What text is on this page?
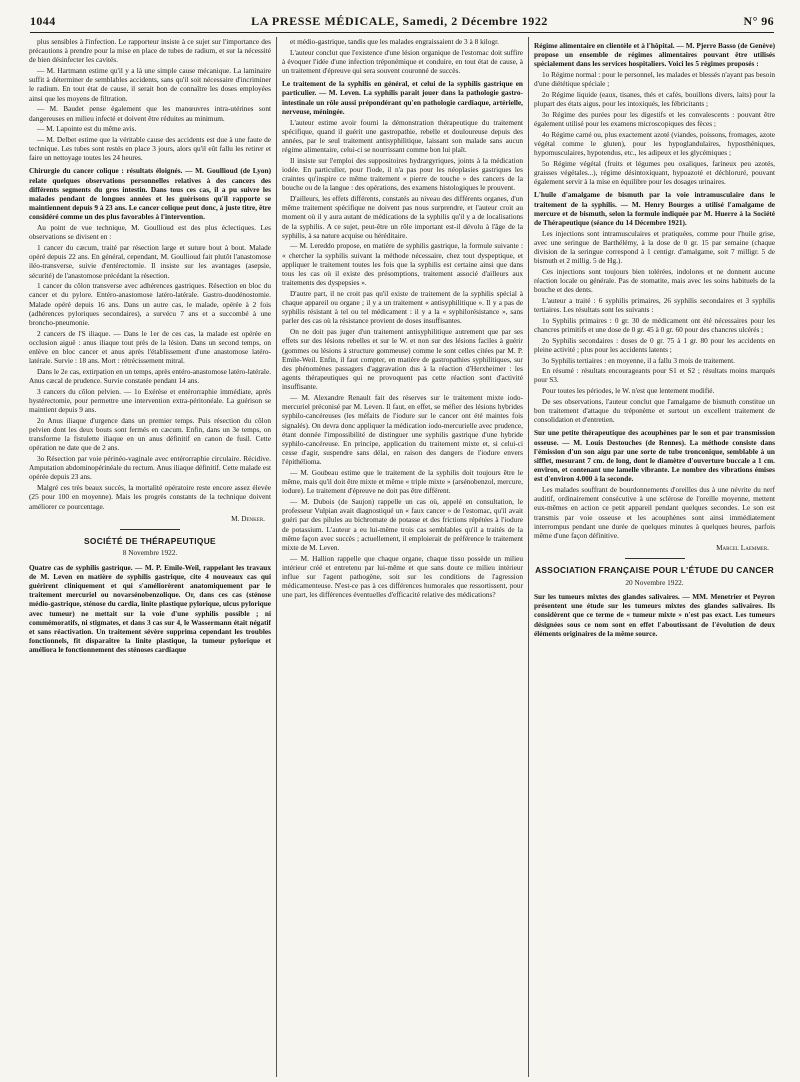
1044	LA PRESSE MÉDICALE, Samedi, 2 Décembre 1922	N° 96

plus sensibles à l'infection. Le rapporteur insiste à ce sujet sur l'importance des précautions à prendre pour la mise en place de tubes de radium, et sur la nécessité de bien désinfecter les cavités.

— M. Hartmann estime qu'il y a là une simple cause mécanique. La laminaire suffit à déterminer de semblables accidents, sans qu'il soit nécessaire d'incriminer le radium. En tout état de cause, il serait bon de connaître les doses employées ainsi que les moyens de filtration.

— M. Baudet pense également que les manœuvres intra-utérines sont dangereuses en milieu infecté et doivent être réduites au minimum.

— M. Lapointe est du même avis.

— M. Delbet estime que la véritable cause des accidents est due à une faute de technique. Les tubes sont restés en place 3 jours, alors qu'il eût fallu les retirer et faire un nettoyage toutes les 24 heures.

Chirurgie du cancer colique : résultats éloignés. — M. Goullioud (de Lyon) relate quelques observations personnelles relatives à des cancers des différents segments du gros intestin. Dans tous ces cas, il a pu suivre les malades pendant de longues années et les guérisons qu'il rapporte se maintiennent depuis 9 à 23 ans. Le cancer colique peut donc, à juste titre, être considéré comme un des plus favorables à l'intervention.

Au point de vue technique, M. Goullioud est des plus éclectiques. Les observations se divisent en :

1 cancer du cæcum, traité par résection large et suture bout à bout. Malade opéré depuis 22 ans. En général, cependant, M. Goullioud fait plutôt l'anastomose iléo-transverse, suivie d'entérectomie. Il insiste sur les avantages (asepsie, sécurité) de l'anastomose précédant la résection.

1 cancer du côlon transverse avec adhérences gastriques. Résection en bloc du cancer et du pylore. Entéro-anastomose latéro-latérale. Gastro-duodénostomie. Malade opéré depuis 16 ans. Dans un autre cas, le malade, opérée à 2 fois (adhérences pyloriques secondaires), a survécu 7 ans et a succombé à une broncho-pneumonie.

2 cancers de l'S iliaque. — Dans le 1er de ces cas, la malade est opérée en occlusion aiguë : anus iliaque tout près de la lésion. Dans un second temps, on enlève en bloc cancer et anus après l'établissement d'une anastomose latéro-latérale. Survie : 18 ans. Mort : rétrécissement mitral.

Dans le 2e cas, extirpation en un temps, après entéro-anastomose latéro-latérale. Anus cæcal de prudence. Survie constatée pendant 14 ans.

3 cancers du côlon pelvien. — 1o Exérèse et entérorraphie immédiate, après hystérectomie, pour permettre une intervention extra-péritonéale. La guérison se maintient depuis 9 ans.

2o Anus iliaque d'urgence dans un premier temps. Puis résection du côlon pelvien dont les deux bouts sont fermés en cæcum. Enfin, dans un 3e temps, on transforme la fistulette iliaque en un anus définitif en canon de fusil. Cette opération ne date que de 2 ans.

3o Résection par voie périnéo-vaginale avec entérorraphie circulaire. Récidive. Amputation abdominopérinéale du rectum. Anus iliaque définitif. Cette malade est opérée depuis 23 ans.

Malgré ces très beaux succès, la mortalité opératoire reste encore assez élevée (25 pour 100 en moyenne). Mais les progrès constants de la technique doivent améliorer ce pourcentage.

M. Denker.

SOCIÉTÉ DE THÉRAPEUTIQUE

8 Novembre 1922.

Quatre cas de syphilis gastrique. — M. P. Emile-Weil, rappelant les travaux de M. Leven en matière de syphilis gastrique, cite 4 nouveaux cas qui guérirent cliniquement et qui s'améliorèrent anatomiquement par le traitement mercuriel ou novarsénobenzolique. Or, dans ces cas (sténose médio-gastrique, sténose du cardia, linite plastique pylorique, ulcus pylorique avec tumeur) ne mettait sur la voie d'une syphilis possible ; ni commémoratifs, ni stigmates, et dans 3 cas sur 4, le Wassermann était négatif et sans réactivation. Un traitement sévère supprima cependant les troubles fonctionnels, fit disparaître la linite plastique, la tumeur pylorique et améliora le fonctionnement des sténoses cardiaque

et médio-gastrique, tandis que les malades engraissaient de 3 à 8 kilogr.

L'auteur conclut que l'existence d'une lésion organique de l'estomac doit suffire à évoquer l'idée d'une infection tréponémique et conduire, en tout état de cause, à un traitement d'épreuve qui sera souvent couronné de succès.

Le traitement de la syphilis en général, et celui de la syphilis gastrique en particulier. — M. Leven. La syphilis paraît jouer dans la pathologie gastro-intestinale un rôle aussi prépondérant qu'en pathologie cardiaque, artérielle, nerveuse, méningée.

L'auteur estime avoir fourni la démonstration thérapeutique du traitement spécifique, quand il guérit une gastropathie, rebelle et douloureuse depuis des années, par le seul traitement antisyphilitique, laissant son malade sans aucun régime alimentaire, celui-ci se nourrissant comme bon lui plaît.

Il insiste sur l'emploi des suppositoires hydrargyriques, joints à la médication iodée. En particulier, pour l'iode, il n'a pas pour les néoplasies gastriques les craintes qu'inspire ce même traitement « pierre de touche » des cancers de la bouche ou de la langue : des opérations, des examens histologiques le prouvent.

D'ailleurs, les effets différents, constatés au niveau des différents organes, d'un même traitement spécifique ne doivent pas nous surprendre, et l'auteur croit au moment où il y aura autant de médications de la syphilis qu'il y a de localisations de la syphilis. A ce sujet, peut-être un rôle important est-il dévolu à l'âge de la syphilis, à sa nature acquise ou héréditaire.

— M. Lereddo propose, en matière de syphilis gastrique, la formule suivante : « chercher la syphilis suivant la méthode nécessaire, chez tout dyspeptique, et appliquer le traitement toutes les fois que la syphilis est certaine ainsi que dans tous les cas où il existe des présomptions, traitement associé d'ailleurs aux traitements des dyspepsies ».

D'autre part, il ne croit pas qu'il existe de traitement de la syphilis spécial à chaque appareil ou organe ; il y a un traitement « antisyphilitique ». Il y a pas de syphilis résistant à tel ou tel médicament : il y a la « syphilorésistance », sans parler des cas où la résistance provient de doses insuffisantes.

On ne doit pas juger d'un traitement antisyphilitique autrement que par ses effets sur des lésions rebelles et sur le W. et non sur des lésions faciles à guérir (gommes ou lésions à structure gommeuse) comme le sont celles citées par M. P. Emile-Weil. Enfin, il faut compter, en matière de gastropathies syphilitiques, sur des phénomènes passagers d'aggravation dus à la réaction d'Herxheimer : les agents thérapeutiques qui ne provoquent pas cette réaction sont d'activité insuffisante.

— M. Alexandre Renault fait des réserves sur le traitement mixte iodo-mercuriel préconisé par M. Leven. Il faut, en effet, se méfier des lésions hybrides syphilo-cancéreuses (les méfaits de l'iodure sur le cancer ont été maintes fois signalés). On devra donc appliquer la médication iodo-mercurielle avec prudence, étant donnée l'impossibilité de distinguer une syphilis gastrique d'une hybride syphilo-cancéreuse. En principe, application du traitement mixte et, si celui-ci cesse d'agir, suspendre sans délai, en raison des dangers de l'iodure envers l'épithélioma.

— M. Goubeau estime que le traitement de la syphilis doit toujours être le même, mais qu'il doit être mixte et même « triple mixte » (arsénobenzol, mercure, iodure). Le traitement d'épreuve ne doit pas être différent.

— M. Dubois (de Saujon) rappelle un cas où, appelé en consultation, le professeur Vulpian avait diagnostiqué un « faux cancer » de l'estomac, qu'il avait guéri par des pilules au bichromate de potasse et des frictions répétées à l'iodure de potassium. L'auteur a eu lui-même trois cas semblables qu'il a traités de la même façon avec succès ; actuellement, il emploierait de préférence le traitement mixte de M. Leven.

— M. Hallion rappelle que chaque organe, chaque tissu possède un milieu intérieur créé et entretenu par lui-même et que sans doute ce milieu intérieur influe sur l'agent pathogène, soit sur les conditions de l'agression médicamenteuse. N'est-ce pas à ces différences humorales que ressortissent, pour une part, les différences éventuelles d'efficacité relative des médications?

Régime alimentaire en clientèle et à l'hôpital. — M. Pjerre Basso (de Genève) propose un ensemble de régimes alimentaires pouvant être utilisés spécialement dans les services hospitaliers. Voici les 5 régimes proposés :

1o Régime normal : pour le personnel, les malades et blessés n'ayant pas besoin d'une diététique spéciale ;

2o Régime liquide (eaux, tisanes, thés et cafés, bouillons divers, laits) pour la plupart des états aigus, pour les intoxiqués, les fébricitants ;

3o Régime des purées pour les digestifs et les convalescents : pouvant être également utilisé pour les examens microscopiques des fèces ;

4o Régime carné ou, plus exactement azoté (viandes, poissons, fromages, azote végétal comme le gluten), pour les hypoglandulaires, hyposthéniques, hypomusculaires, hypotendus, etc., les adipeux et les glycémiques ;

5o Régime végétal (fruits et légumes peu oxaliques, farineux peu azotés, graisses végétales...), régime désintoxiquant, hypoazoté et déchloruré, pouvant également servir à la mise en équilibre pour les dosages urinaires.

L'huile d'amalgame de bismuth par la voie intramusculaire dans le traitement de la syphilis. — M. Henry Bourges a utilisé l'amalgame de mercure et de bismuth, selon la formule indiquée par M. Huerre à la Société de Thérapeutique (séance du 14 Décembre 1921).

Les injections sont intramusculaires et pratiquées, comme pour l'huile grise, avec une seringue de Barthélémy, à la dose de 0 gr. 15 par semaine (chaque division de la seringue correspond à 1 centigr. d'amalgame, soit 7 milligr. 5 de bismuth et 2 millig. 5 de Hg.).

Ces injections sont toujours bien tolérées, indolores et ne donnent aucune réaction locale ou générale. Pas de stomatite, mais avec les soins habituels de la bouche et des dents.

L'auteur a traité : 6 syphilis primaires, 26 syphilis secondaires et 3 syphilis tertiaires. Les résultats sont les suivants :

1o Syphilis primaires : 0 gr. 30 de médicament ont été nécessaires pour les chancres primitifs et une dose de 0 gr. 45 à 0 gr. 60 pour des chancres ulcérés ;

2o Syphilis secondaires : doses de 0 gr. 75 à 1 gr. 80 pour les accidents en pleine activité ; plus pour les accidents latents ;

3o Syphilis tertiaires : en moyenne, il a fallu 3 mois de traitement.

En résumé : résultats encourageants pour S1 et S2 ; résultats moins marqués pour S3.

Pour toutes les périodes, le W. n'est que lentement modifié.

De ses observations, l'auteur conclut que l'amalgame de bismuth constitue un bon traitement d'attaque du tréponème et surtout un excellent traitement de consolidation et d'entretien.

Sur une petite thérapeutique des acouphènes par le son et par transmission osseuse. — M. Louis Destouches (de Rennes). La méthode consiste dans l'émission d'un son aigu par une sorte de tube tronconique, semblable à un sifflet, mesurant 7 cm. de long, dont le diamètre d'ouverture buccale a 1 cm. environ, et contenant une lamelle vibrante. Le nombre des vibrations émises est d'environ 4.000 à la seconde.

Les malades souffrant de bourdonnements d'oreilles dus à une névrite du nerf auditif, ordinairement consécutive à une sclérose de l'oreille moyenne, mettent eux-mêmes en action ce petit appareil pendant quelques secondes. Le son est transmis par voie osseuse et les acouphènes sont ainsi immédiatement interrompus pendant une durée de quelques minutes à quelques heures, parfois même d'une façon définitive.

Marcel Laemmer.

ASSOCIATION FRANÇAISE POUR L'ÉTUDE DU CANCER

20 Novembre 1922.

Sur les tumeurs mixtes des glandes salivaires. — MM. Menetrier et Peyron présentent une étude sur les tumeurs mixtes des glandes salivaires. Ils considèrent que ce terme de « tumeur mixte » n'est pas exact. Les tumeurs désignées sous ce nom sont en effet l'aboutissant de l'évolution de deux éléments originaires de la même source.
